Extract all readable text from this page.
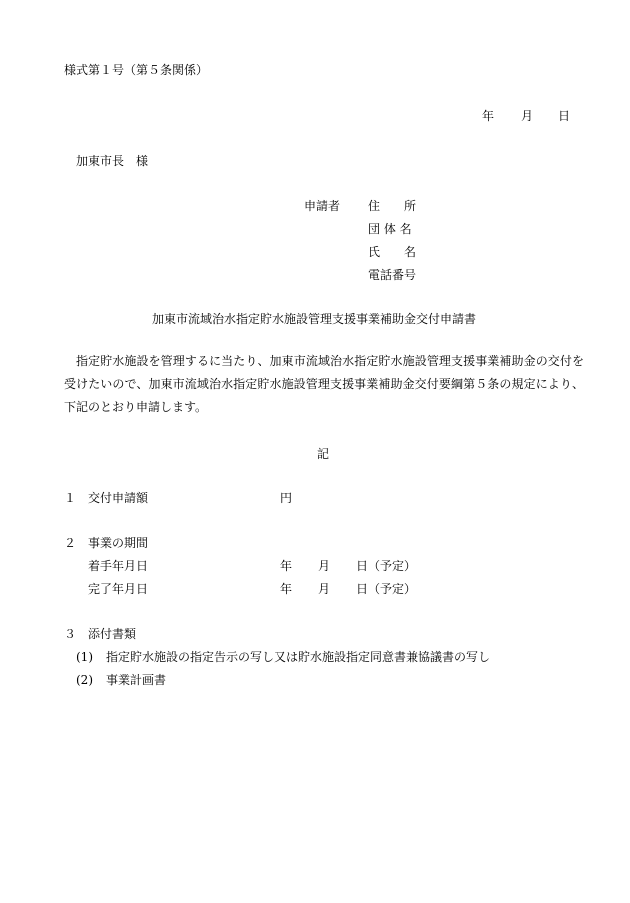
様式第１号（第５条関係）
年 月 日
加東市長　様
申請者 住　　所
団 体 名
氏　　名
電話番号
加東市流域治水指定貯水施設管理支援事業補助金交付申請書
指定貯水施設を管理するに当たり、加東市流域治水指定貯水施設管理支援事業補助金の交付を受けたいので、加東市流域治水指定貯水施設管理支援事業補助金交付要綱第５条の規定により、下記のとおり申請します。
記
１ 交付申請額	円
２ 事業の期間
着手年月日	年 月 日（予定）
完了年月日	年 月 日（予定）
３ 添付書類
(1) 指定貯水施設の指定告示の写し又は貯水施設指定同意書兼協議書の写し
(2) 事業計画書
